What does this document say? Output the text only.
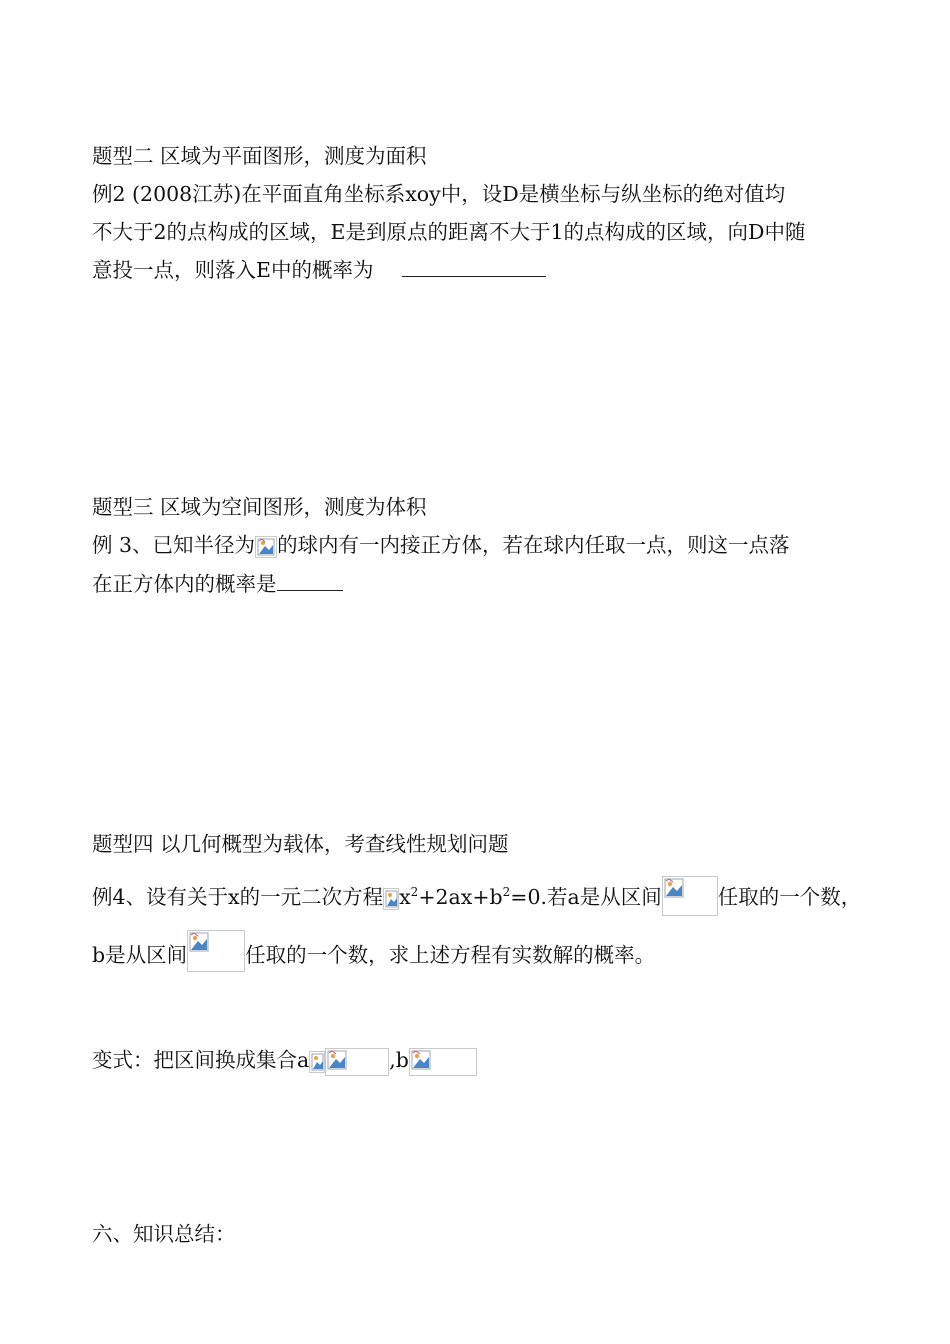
题型二 区域为平面图形，测度为面积
例2 (2008江苏)在平面直角坐标系xoy中，设D是横坐标与纵坐标的绝对值均
不大于2的点构成的区域，E是到原点的距离不大于1的点构成的区域，向D中随
意投一点，则落入E中的概率为
题型三 区域为空间图形，测度为体积
例 3、已知半径为 的球内有一内接正方体，若在球内任取一点，则这一点落
在正方体内的概率是
题型四 以几何概型为载体，考查线性规划问题
例4、设有关于x的一元二次方程 $x^2+2ax+b^2=0$.若a是从区间	任取的一个数，
b是从区间	任取的一个数，求上述方程有实数解的概率。
变式：把区间换成集合a	,b
六、知识总结：
